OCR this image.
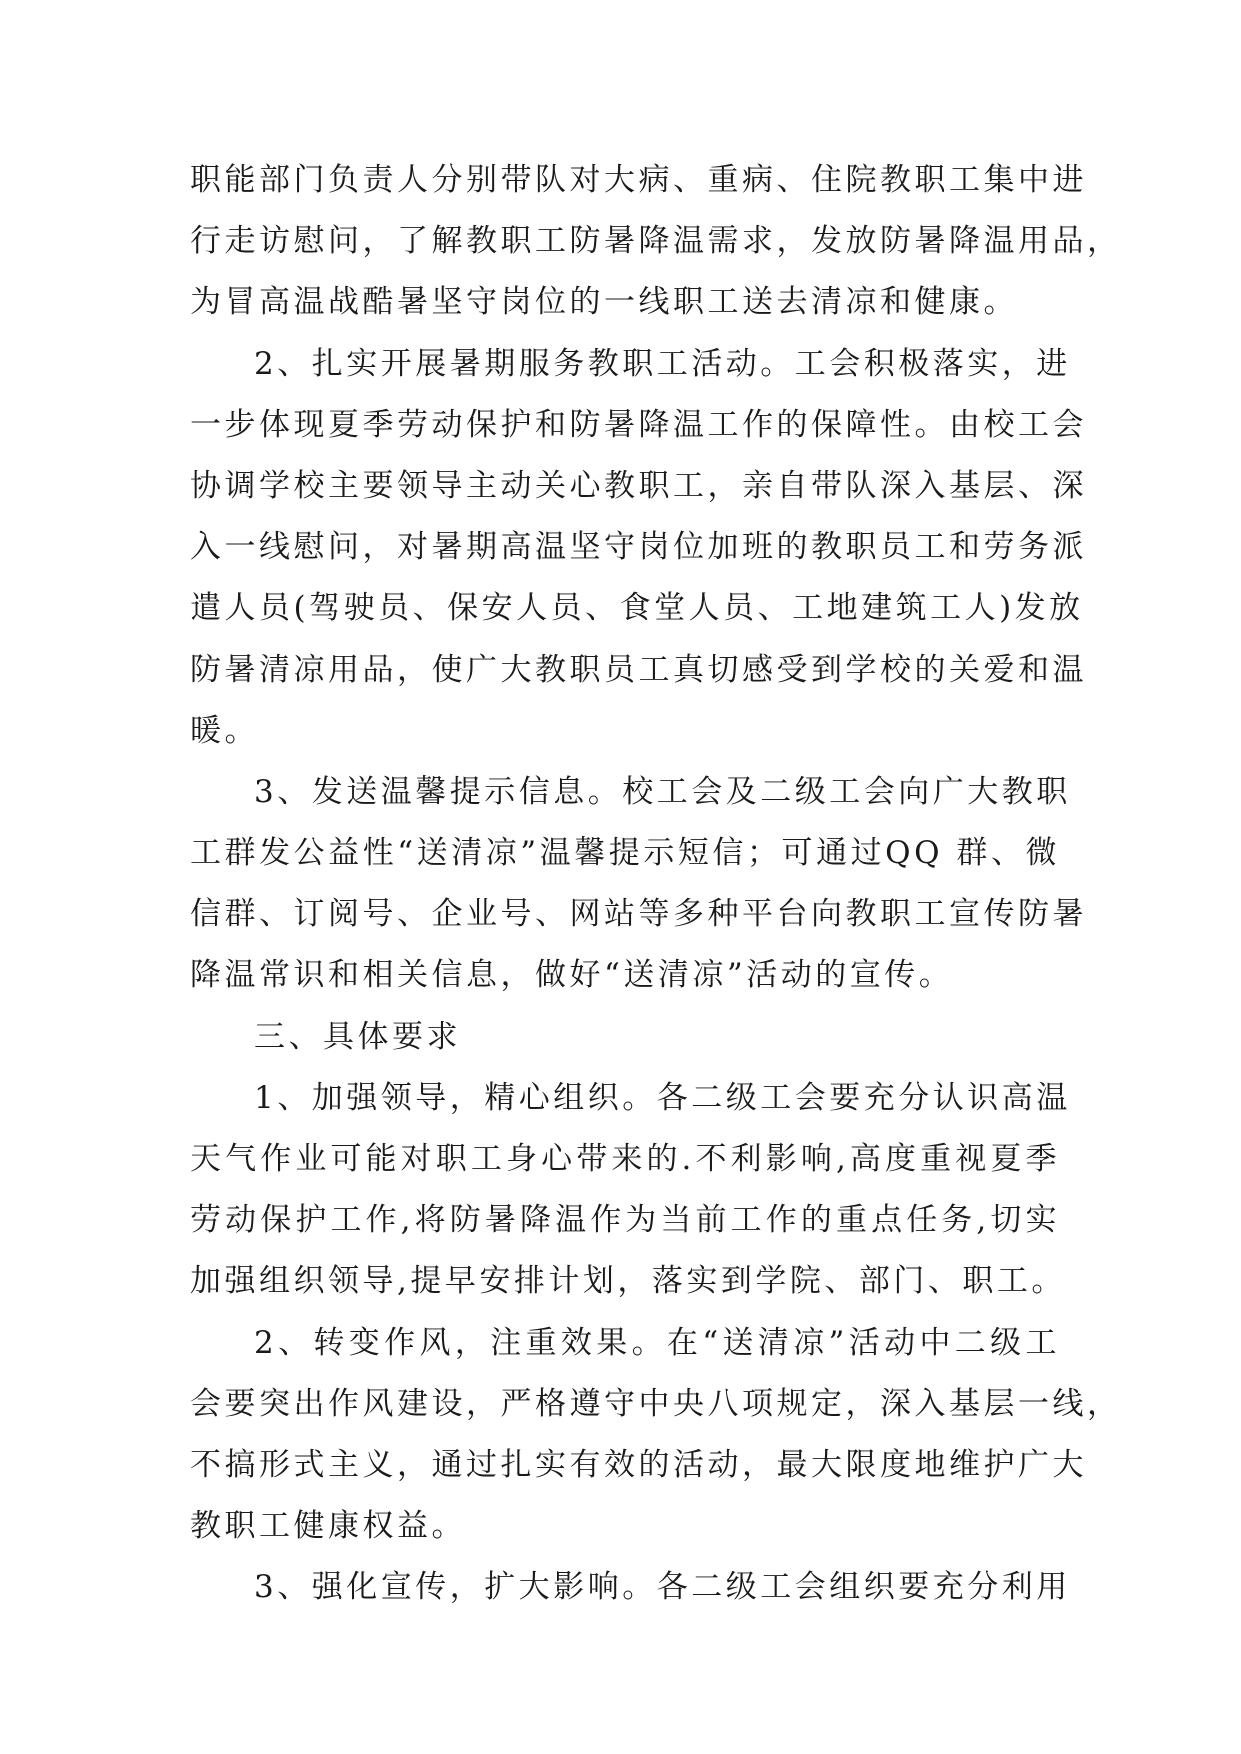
职能部门负责人分别带队对大病、重病、住院教职工集中进
行走访慰问，了解教职工防暑降温需求，发放防暑降温用品，
为冒高温战酷暑坚守岗位的一线职工送去清凉和健康。
2、扎实开展暑期服务教职工活动。工会积极落实，进
一步体现夏季劳动保护和防暑降温工作的保障性。由校工会
协调学校主要领导主动关心教职工，亲自带队深入基层、深
入一线慰问，对暑期高温坚守岗位加班的教职员工和劳务派
遣人员(驾驶员、保安人员、食堂人员、工地建筑工人)发放
防暑清凉用品，使广大教职员工真切感受到学校的关爱和温
暖。
3、发送温馨提示信息。校工会及二级工会向广大教职
工群发公益性“送清凉”温馨提示短信；可通过QQ 群、微
信群、订阅号、企业号、网站等多种平台向教职工宣传防暑
降温常识和相关信息，做好“送清凉”活动的宣传。
三、具体要求
1、加强领导，精心组织。各二级工会要充分认识高温
天气作业可能对职工身心带来的.不利影响,高度重视夏季
劳动保护工作,将防暑降温作为当前工作的重点任务,切实
加强组织领导,提早安排计划，落实到学院、部门、职工。
2、转变作风，注重效果。在“送清凉”活动中二级工
会要突出作风建设，严格遵守中央八项规定，深入基层一线，
不搞形式主义，通过扎实有效的活动，最大限度地维护广大
教职工健康权益。
3、强化宣传，扩大影响。各二级工会组织要充分利用
